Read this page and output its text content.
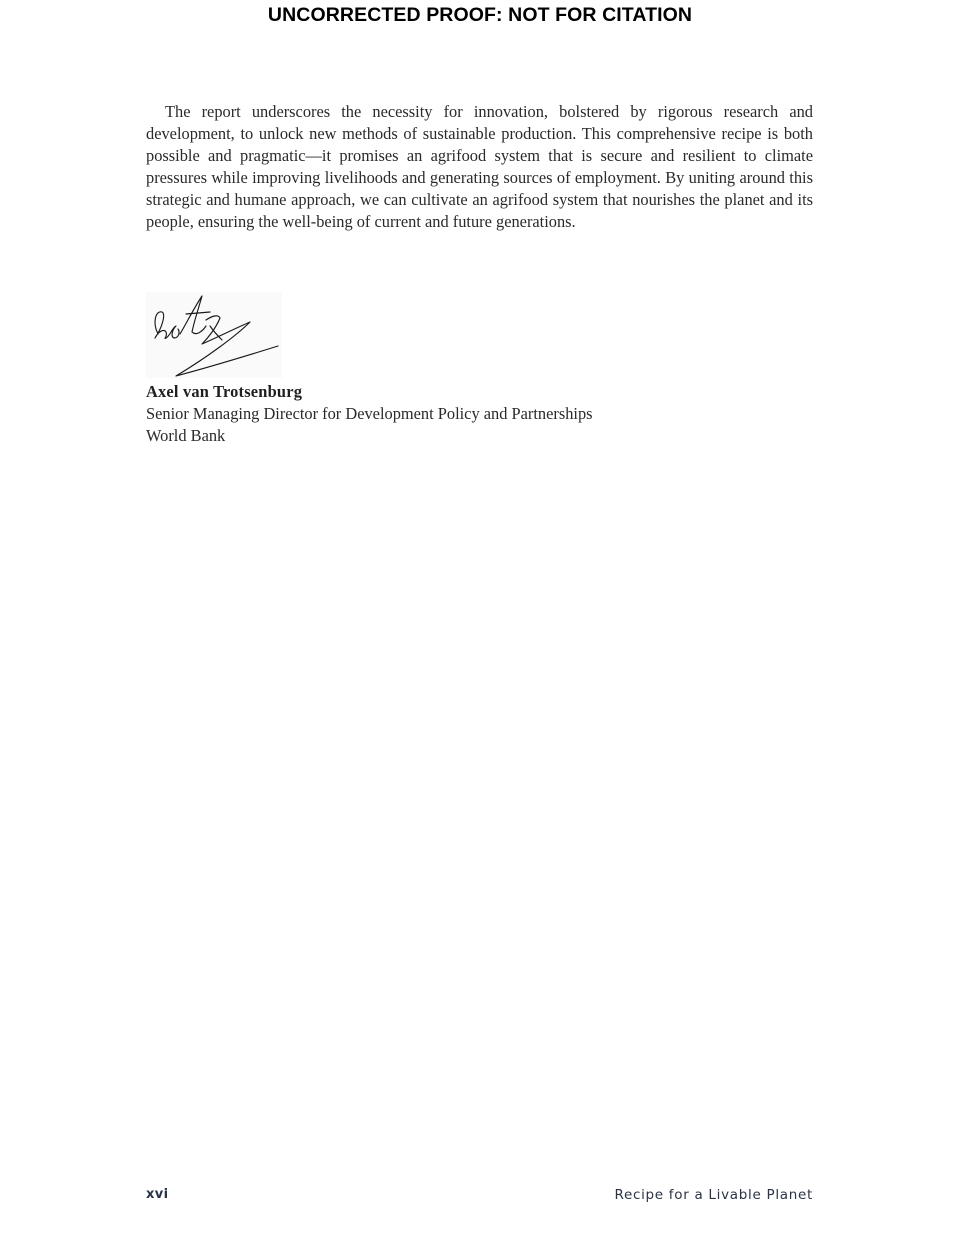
UNCORRECTED PROOF: NOT FOR CITATION

The report underscores the necessity for innovation, bolstered by rigorous research and development, to unlock new methods of sustainable production. This comprehensive recipe is both possible and pragmatic—it promises an agrifood system that is secure and resilient to climate pressures while improving livelihoods and generating sources of employment. By uniting around this strategic and humane approach, we can cultivate an agrifood system that nourishes the planet and its people, ensuring the well-being of current and future generations.

Axel van Trotsenburg
Senior Managing Director for Development Policy and Partnerships
World Bank
xvi	Recipe for a Livable Planet
